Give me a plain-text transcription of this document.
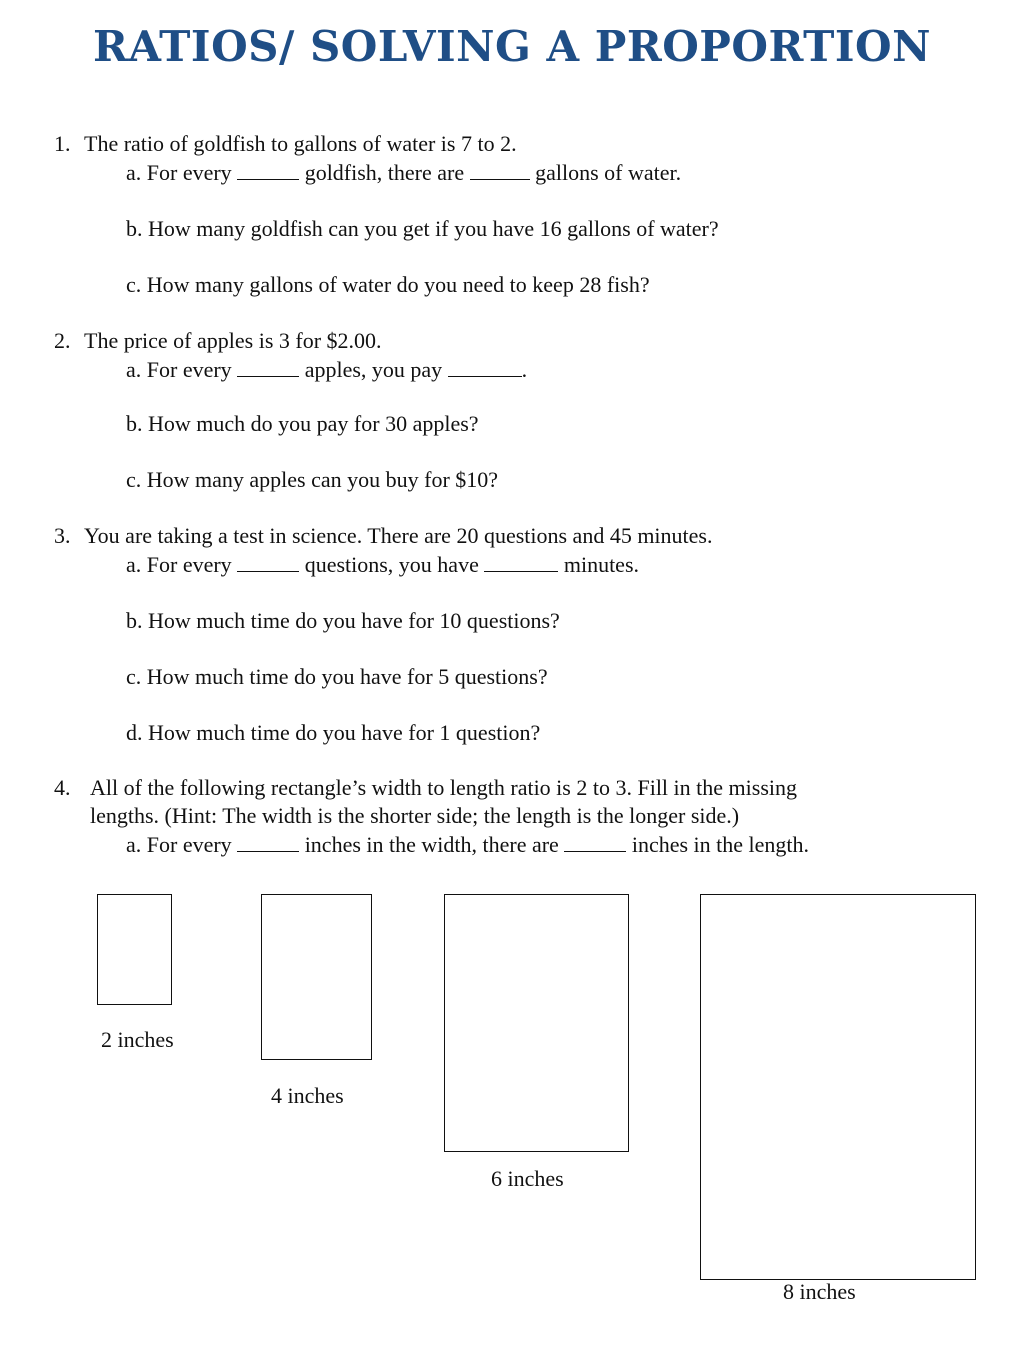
RATIOS/ SOLVING A PROPORTION
1. The ratio of goldfish to gallons of water is 7 to 2.
a. For every	goldfish, there are	gallons of water.
b. How many goldfish can you get if you have 16 gallons of water?
c. How many gallons of water do you need to keep 28 fish?
2. The price of apples is 3 for $2.00.
a. For every	apples, you pay	.
b. How much do you pay for 30 apples?
c. How many apples can you buy for $10?
3. You are taking a test in science. There are 20 questions and 45 minutes.
a. For every	questions, you have	minutes.
b. How much time do you have for 10 questions?
c. How much time do you have for 5 questions?
d. How much time do you have for 1 question?
4. All of the following rectangle’s width to length ratio is 2 to 3. Fill in the missing
lengths. (Hint: The width is the shorter side; the length is the longer side.)
a. For every	inches in the width, there are	inches in the length.
2 inches
4 inches
6 inches
8 inches
